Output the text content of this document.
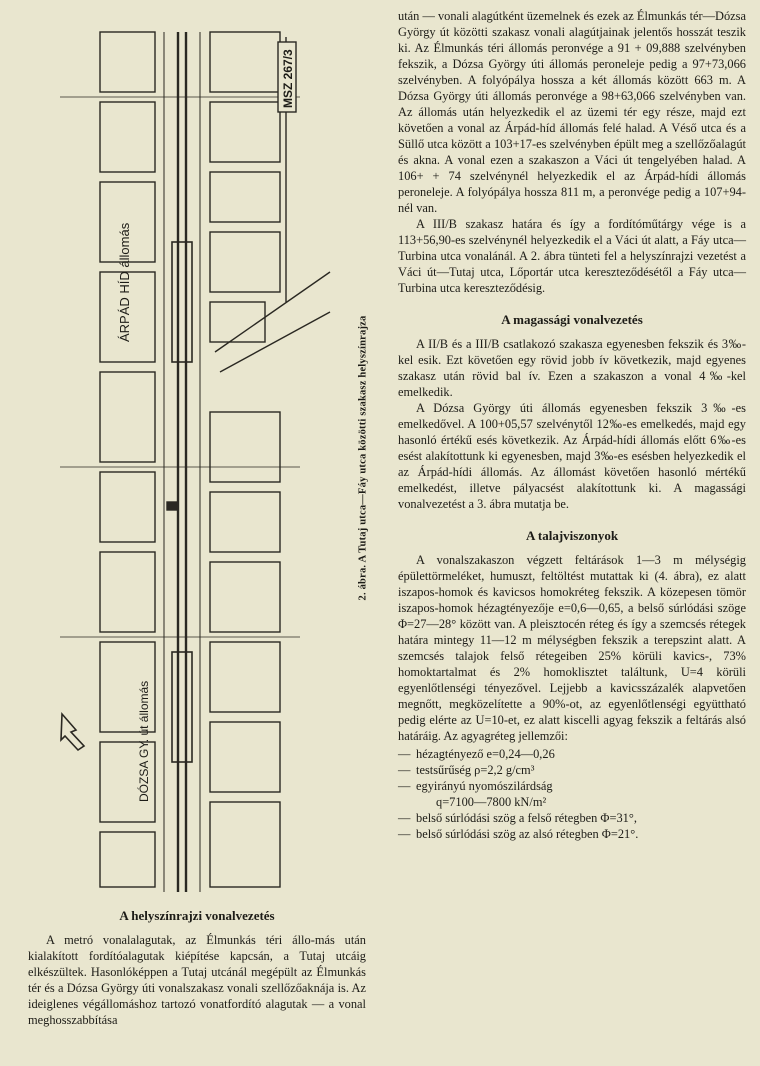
MSZ 267/3
ÁRPÁD HÍD állomás
DÓZSA GY. út állomás
2. ábra. A Tutaj utca—Fáy utca közötti szakasz helyszínrajza
A helyszínrajzi vonalvezetés

A metró vonalalagutak, az Élmunkás téri állo-más után kialakított fordítóalagutak kiépítése kapcsán, a Tutaj utcáig elkészültek. Hasonlóképpen a Tutaj utcánál megépült az Élmunkás tér és a Dózsa György úti vonalszakasz vonali szellőzőaknája is. Az ideiglenes végállomáshoz tartozó vonatfordító alagutak — a vonal meghosszabbítása

után — vonali alagútként üzemelnek és ezek az Élmunkás tér—Dózsa György út közötti szakasz vonali alagútjainak jelentős hosszát teszik ki. Az Élmunkás téri állomás peronvége a 91 + 09,888 szelvényben fekszik, a Dózsa György úti állomás peroneleje pedig a 97+73,066 szelvényben. A folyópálya hossza a két állomás között 663 m. A Dózsa György úti állomás peronvége a 98+63,066 szelvényben van. Az állomás után helyezkedik el az üzemi tér egy része, majd ezt követően a vonal az Árpád-híd állomás felé halad. A Véső utca és a Süllő utca között a 103+17-es szelvényben épült meg a szellőzőalagút és akna. A vonal ezen a szakaszon a Váci út tengelyében halad. A 106+ + 74 szelvénynél helyezkedik el az Árpád-hídi állomás peroneleje. A folyópálya hossza 811 m, a peronvége pedig a 107+94-nél van.

A III/B szakasz határa és így a fordítóműtárgy vége is a 113+56,90-es szelvénynél helyezkedik el a Váci út alatt, a Fáy utca—Turbina utca vonalánál. A 2. ábra tünteti fel a helyszínrajzi vezetést a Váci út—Tutaj utca, Lőportár utca kereszteződésétől a Fáy utca—Turbina utca kereszteződésig.

A magassági vonalvezetés

A II/B és a III/B csatlakozó szakasza egyenesben fekszik és 3‰-kel esik. Ezt követően egy rövid jobb ív következik, majd egyenes szakasz után rövid bal ív. Ezen a szakaszon a vonal 4‰-kel emelkedik.

A Dózsa György úti állomás egyenesben fekszik 3‰-es emelkedővel. A 100+05,57 szelvénytől 12‰-es emelkedés, majd egy hasonló értékű esés következik. Az Árpád-hídi állomás előtt 6‰-es esést alakítottunk ki egyenesben, majd 3‰-es esésben helyezkedik el az Árpád-hídi állomás. Az állomást követően hasonló mértékű emelkedést, illetve pályacsést alakítottunk ki. A magassági vonalvezetést a 3. ábra mutatja be.

A talajviszonyok

A vonalszakaszon végzett feltárások 1—3 m mélységig épülettörmeléket, humuszt, feltöltést mutattak ki (4. ábra), ez alatt iszapos-homok és kavicsos homokréteg fekszik. A közepesen tömör iszapos-homok hézagtényezője e=0,6—0,65, a belső súrlódási szöge Φ=27—28° között van. A pleisztocén réteg és így a szemcsés rétegek határa mintegy 11—12 m mélységben fekszik a terepszint alatt. A szemcsés talajok felső rétegeiben 25% körüli kavics-, 73% homoktartalmat és 2% homoklisztet találtunk, U=4 körüli egyenlőtlenségi tényezővel. Lejjebb a kavicsszázalék alapvetően megnőtt, megközelítette a 90%-ot, az egyenlőtlenségi együttható pedig elérte az U=10-et, ez alatt kiscelli agyag fekszik a feltárás alsó határáig. Az agyagréteg jellemzői:

— hézagtényező e=0,24—0,26
— testsűrűség ρ=2,2 g/cm³
— egyirányú nyomószilárdság
q=7100—7800 kN/m²
— belső súrlódási szög a felső rétegben Φ=31°,
— belső súrlódási szög az alsó rétegben Φ=21°.
